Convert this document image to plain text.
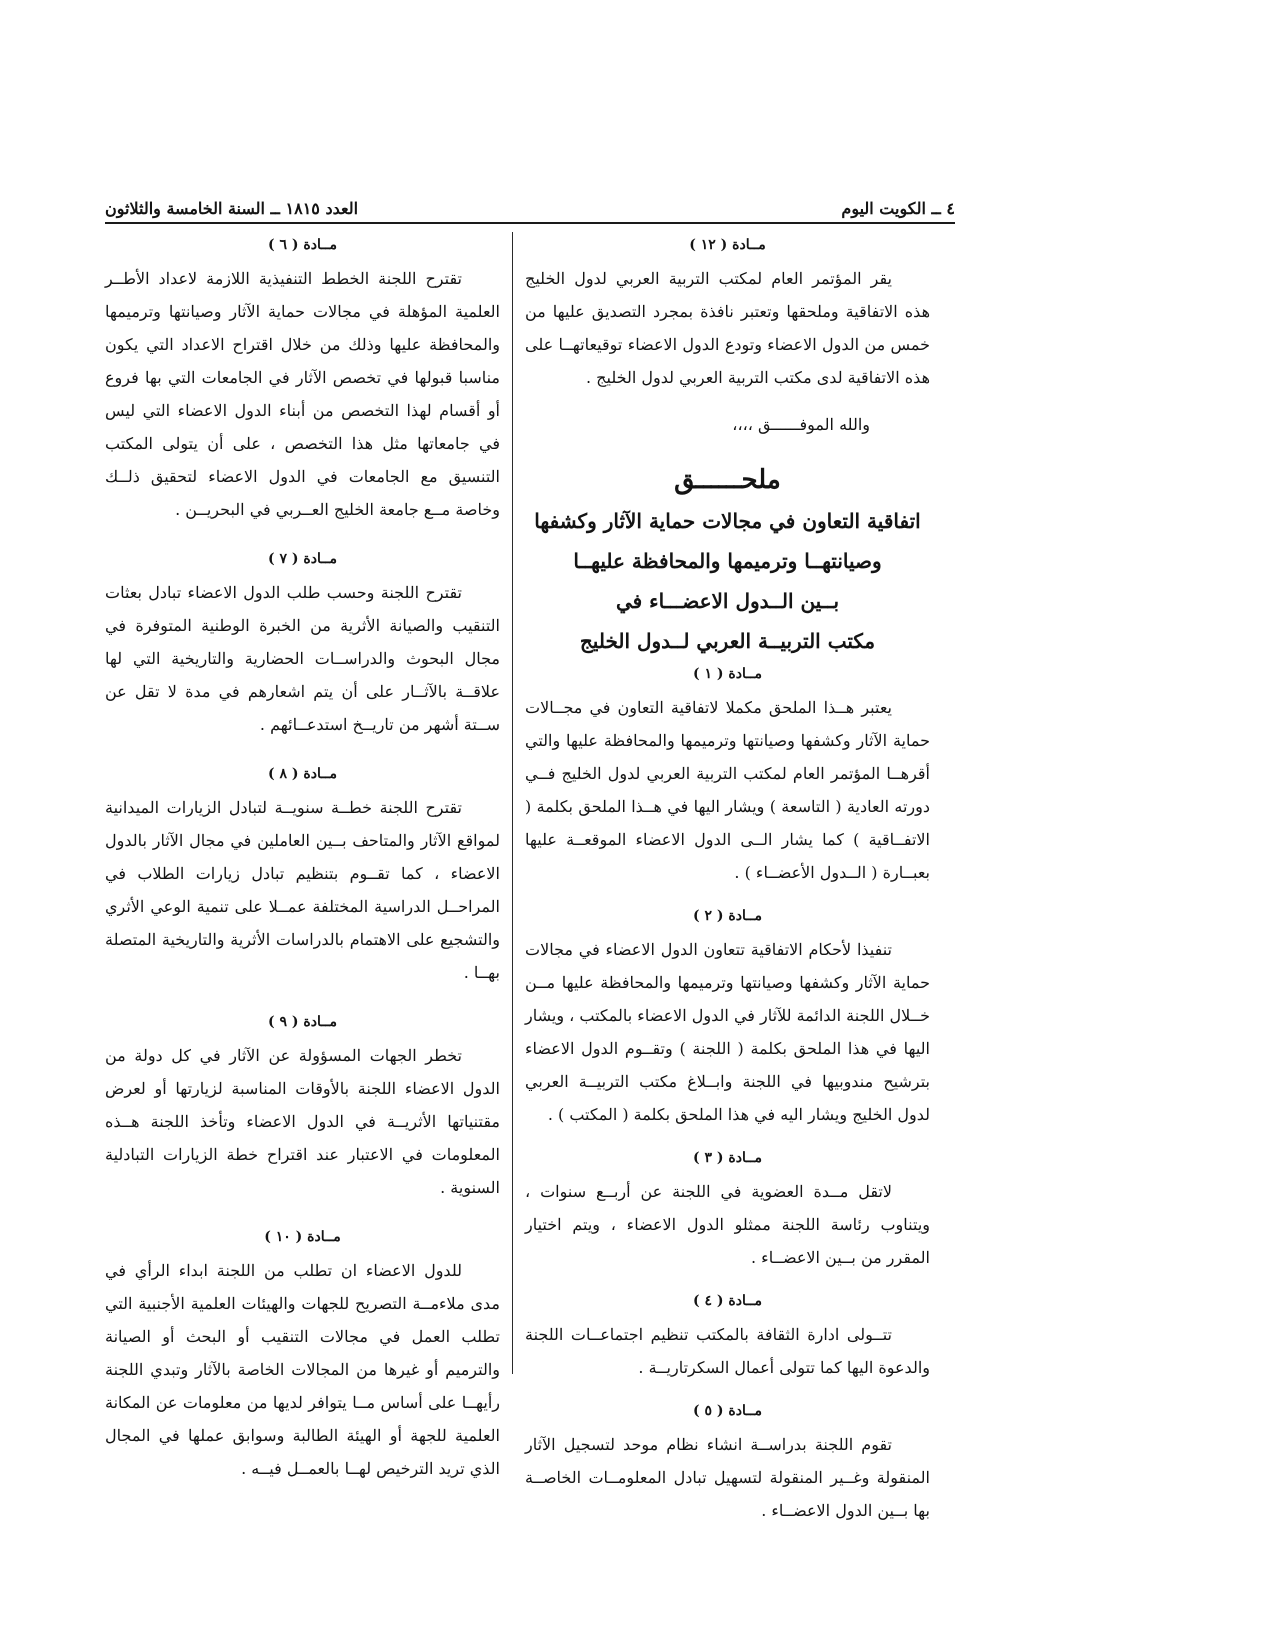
٤ ــ الكويت اليوم
العدد ١٨١٥ ــ السنة الخامسة والثلاثون
مــادة ( ١٢ )

يقر المؤتمر العام لمكتب التربية العربي لدول الخليج هذه الاتفاقية وملحقها وتعتبر نافذة بمجرد التصديق عليها من خمس من الدول الاعضاء وتودع الدول الاعضاء توقيعاتهــا على هذه الاتفاقية لدى مكتب التربية العربي لدول الخليج .

والله الموفــــــق ،،،،

ملحــــــق

اتفاقية التعاون في مجالات حماية الآثار وكشفها

وصيانتهــا وترميمها والمحافظة عليهــا

بــين الــدول الاعضـــاء في

مكتب التربيــة العربي لــدول الخليج

مــادة ( ١ )

يعتبر هــذا الملحق مكملا لاتفاقية التعاون في مجــالات حماية الآثار وكشفها وصيانتها وترميمها والمحافظة عليها والتي أقرهــا المؤتمر العام لمكتب التربية العربي لدول الخليج فــي دورته العادية ( التاسعة ) ويشار اليها في هــذا الملحق بكلمة ( الاتفــاقية ) كما يشار الــى الدول الاعضاء الموقعــة عليها بعبــارة ( الــدول الأعضــاء ) .

مــادة ( ٢ )

تنفيذا لأحكام الاتفاقية تتعاون الدول الاعضاء في مجالات حماية الآثار وكشفها وصيانتها وترميمها والمحافظة عليها مــن خــلال اللجنة الدائمة للآثار في الدول الاعضاء بالمكتب ، ويشار اليها في هذا الملحق بكلمة ( اللجنة ) وتقــوم الدول الاعضاء بترشيح مندوبيها في اللجنة وابــلاغ مكتب التربيــة العربي لدول الخليج ويشار اليه في هذا الملحق بكلمة ( المكتب ) .

مــادة ( ٣ )

لاتقل مــدة العضوية في اللجنة عن أربــع سنوات ، ويتناوب رئاسة اللجنة ممثلو الدول الاعضاء ، ويتم اختيار المقرر من بــين الاعضــاء .

مــادة ( ٤ )

تتــولى ادارة الثقافة بالمكتب تنظيم اجتماعــات اللجنة والدعوة اليها كما تتولى أعمال السكرتاريــة .

مــادة ( ٥ )

تقوم اللجنة بدراســة انشاء نظام موحد لتسجيل الآثار المنقولة وغــير المنقولة لتسهيل تبادل المعلومــات الخاصــة بها بــين الدول الاعضــاء .

مــادة ( ٦ )

تقترح اللجنة الخطط التنفيذية اللازمة لاعداد الأطــر العلمية المؤهلة في مجالات حماية الآثار وصيانتها وترميمها والمحافظة عليها وذلك من خلال اقتراح الاعداد التي يكون مناسبا قبولها في تخصص الآثار في الجامعات التي بها فروع أو أقسام لهذا التخصص من أبناء الدول الاعضاء التي ليس في جامعاتها مثل هذا التخصص ، على أن يتولى المكتب التنسيق مع الجامعات في الدول الاعضاء لتحقيق ذلــك وخاصة مــع جامعة الخليج العــربي في البحريــن .

مــادة ( ٧ )

تقترح اللجنة وحسب طلب الدول الاعضاء تبادل بعثات التنقيب والصيانة الأثرية من الخبرة الوطنية المتوفرة في مجال البحوث والدراســات الحضارية والتاريخية التي لها علاقــة بالآثــار على أن يتم اشعارهم في مدة لا تقل عن ســتة أشهر من تاريــخ استدعــائهم .

مــادة ( ٨ )

تقترح اللجنة خطــة سنويــة لتبادل الزيارات الميدانية لمواقع الآثار والمتاحف بــين العاملين في مجال الآثار بالدول الاعضاء ، كما تقــوم بتنظيم تبادل زيارات الطلاب في المراحــل الدراسية المختلفة عمــلا على تنمية الوعي الأثري والتشجيع على الاهتمام بالدراسات الأثرية والتاريخية المتصلة بهــا .

مــادة ( ٩ )

تخطر الجهات المسؤولة عن الآثار في كل دولة من الدول الاعضاء اللجنة بالأوقات المناسبة لزيارتها أو لعرض مقتنياتها الأثريــة في الدول الاعضاء وتأخذ اللجنة هــذه المعلومات في الاعتبار عند اقتراح خطة الزيارات التبادلية السنوية .

مــادة ( ١٠ )

للدول الاعضاء ان تطلب من اللجنة ابداء الرأي في مدى ملاءمــة التصريح للجهات والهيئات العلمية الأجنبية التي تطلب العمل في مجالات التنقيب أو البحث أو الصيانة والترميم أو غيرها من المجالات الخاصة بالآثار وتبدي اللجنة رأيهــا على أساس مــا يتوافر لديها من معلومات عن المكانة العلمية للجهة أو الهيئة الطالبة وسوابق عملها في المجال الذي تريد الترخيص لهــا بالعمــل فيــه .
